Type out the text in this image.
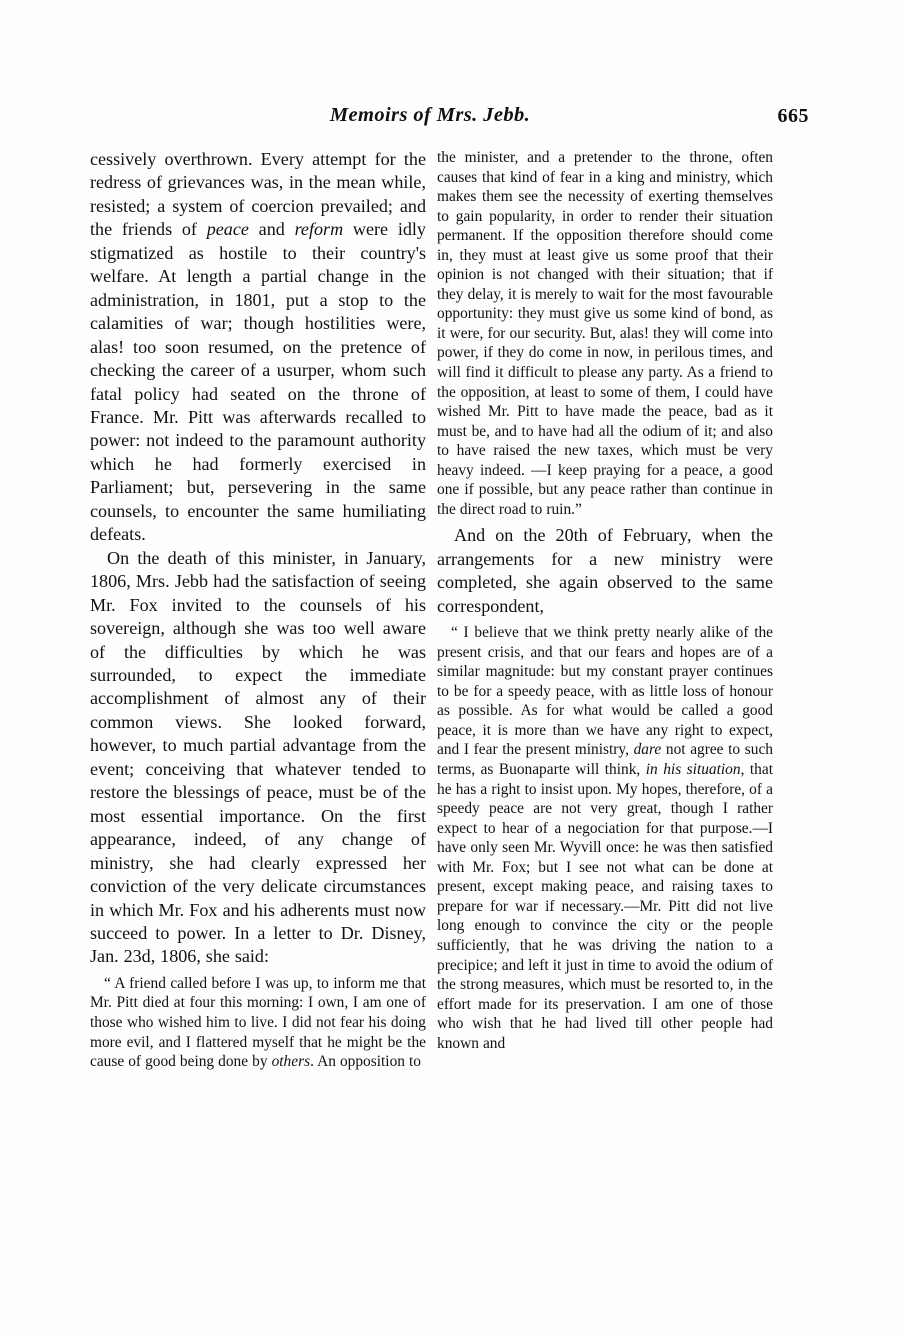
Memoirs of Mrs. Jebb.	665

cessively overthrown. Every attempt for the redress of grievances was, in the mean while, resisted; a system of coercion prevailed; and the friends of peace and reform were idly stigmatized as hostile to their country's welfare. At length a partial change in the administration, in 1801, put a stop to the calamities of war; though hostilities were, alas! too soon resumed, on the pretence of checking the career of a usurper, whom such fatal policy had seated on the throne of France. Mr. Pitt was afterwards recalled to power: not indeed to the paramount authority which he had formerly exercised in Parliament; but, persevering in the same counsels, to encounter the same humiliating defeats.

On the death of this minister, in January, 1806, Mrs. Jebb had the satisfaction of seeing Mr. Fox invited to the counsels of his sovereign, although she was too well aware of the difficulties by which he was surrounded, to expect the immediate accomplishment of almost any of their common views. She looked forward, however, to much partial advantage from the event; conceiving that whatever tended to restore the blessings of peace, must be of the most essential importance. On the first appearance, indeed, of any change of ministry, she had clearly expressed her conviction of the very delicate circumstances in which Mr. Fox and his adherents must now succeed to power. In a letter to Dr. Disney, Jan. 23d, 1806, she said:

“ A friend called before I was up, to inform me that Mr. Pitt died at four this morning: I own, I am one of those who wished him to live. I did not fear his doing more evil, and I flattered myself that he might be the cause of good being done by others. An opposition to

the minister, and a pretender to the throne, often causes that kind of fear in a king and ministry, which makes them see the necessity of exerting themselves to gain popularity, in order to render their situation permanent. If the opposition therefore should come in, they must at least give us some proof that their opinion is not changed with their situation; that if they delay, it is merely to wait for the most favourable opportunity: they must give us some kind of bond, as it were, for our security. But, alas! they will come into power, if they do come in now, in perilous times, and will find it difficult to please any party. As a friend to the opposition, at least to some of them, I could have wished Mr. Pitt to have made the peace, bad as it must be, and to have had all the odium of it; and also to have raised the new taxes, which must be very heavy indeed. —I keep praying for a peace, a good one if possible, but any peace rather than continue in the direct road to ruin.”

And on the 20th of February, when the arrangements for a new ministry were completed, she again observed to the same correspondent,

“ I believe that we think pretty nearly alike of the present crisis, and that our fears and hopes are of a similar magnitude: but my constant prayer continues to be for a speedy peace, with as little loss of honour as possible. As for what would be called a good peace, it is more than we have any right to expect, and I fear the present ministry, dare not agree to such terms, as Buonaparte will think, in his situation, that he has a right to insist upon. My hopes, therefore, of a speedy peace are not very great, though I rather expect to hear of a negociation for that purpose.—I have only seen Mr. Wyvill once: he was then satisfied with Mr. Fox; but I see not what can be done at present, except making peace, and raising taxes to prepare for war if necessary.—Mr. Pitt did not live long enough to convince the city or the people sufficiently, that he was driving the nation to a precipice; and left it just in time to avoid the odium of the strong measures, which must be resorted to, in the effort made for its preservation. I am one of those who wish that he had lived till other people had known and
